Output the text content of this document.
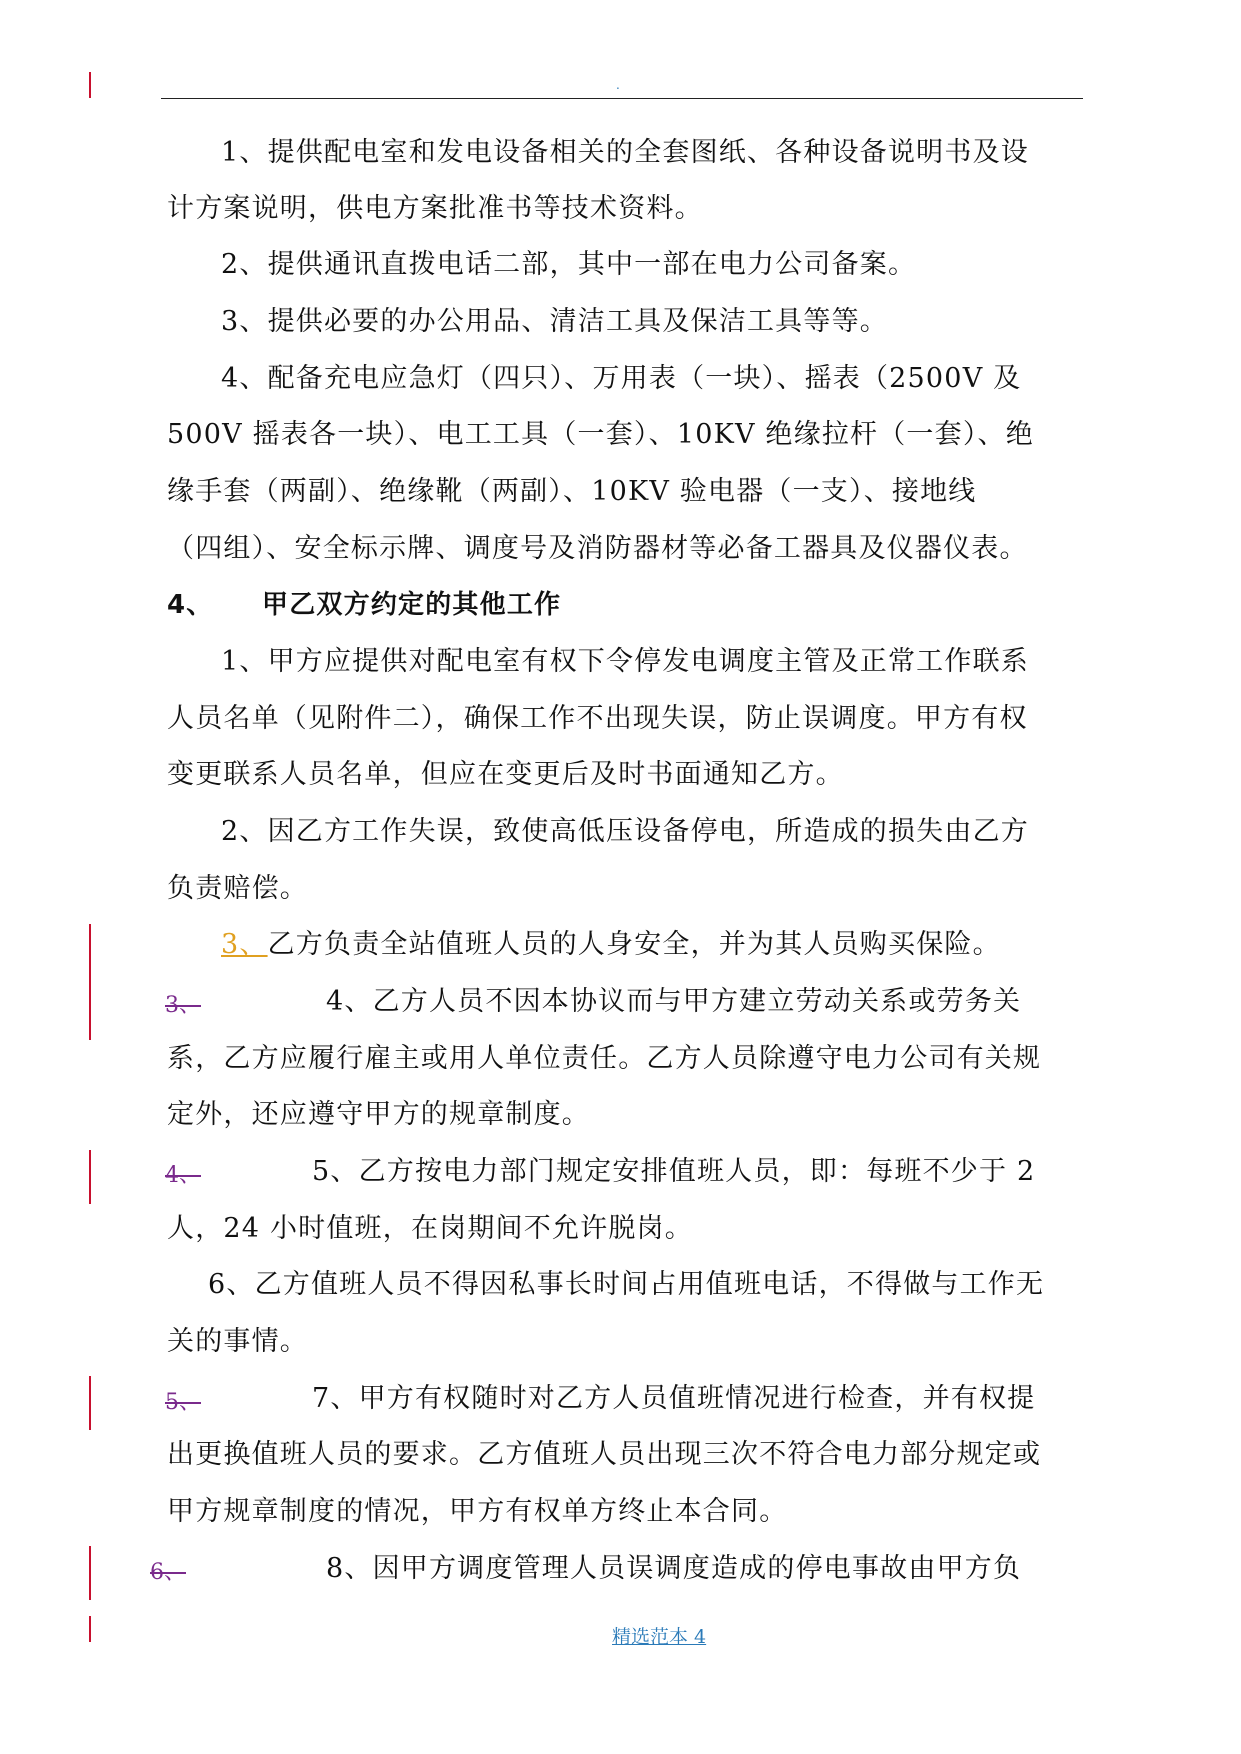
.
1、提供配电室和发电设备相关的全套图纸、各种设备说明书及设
计方案说明，供电方案批准书等技术资料。
2、提供通讯直拨电话二部，其中一部在电力公司备案。
3、提供必要的办公用品、清洁工具及保洁工具等等。
4、配备充电应急灯（四只）、万用表（一块）、摇表（2500V 及
500V 摇表各一块）、电工工具（一套）、10KV 绝缘拉杆（一套）、绝
缘手套（两副）、绝缘靴（两副）、10KV 验电器（一支）、接地线
（四组）、安全标示牌、调度号及消防器材等必备工器具及仪器仪表。
4、 甲乙双方约定的其他工作
1、甲方应提供对配电室有权下令停发电调度主管及正常工作联系
人员名单（见附件二），确保工作不出现失误，防止误调度。甲方有权
变更联系人员名单，但应在变更后及时书面通知乙方。
2、因乙方工作失误，致使高低压设备停电，所造成的损失由乙方
负责赔偿。
3、乙方负责全站值班人员的人身安全，并为其人员购买保险。
3、	4、乙方人员不因本协议而与甲方建立劳动关系或劳务关
系，乙方应履行雇主或用人单位责任。乙方人员除遵守电力公司有关规
定外，还应遵守甲方的规章制度。
4、	5、乙方按电力部门规定安排值班人员，即：每班不少于 2
人，24 小时值班，在岗期间不允许脱岗。
6、乙方值班人员不得因私事长时间占用值班电话，不得做与工作无
关的事情。
5、	7、甲方有权随时对乙方人员值班情况进行检查，并有权提
出更换值班人员的要求。乙方值班人员出现三次不符合电力部分规定或
甲方规章制度的情况，甲方有权单方终止本合同。
6、	8、因甲方调度管理人员误调度造成的停电事故由甲方负
精选范本 4
